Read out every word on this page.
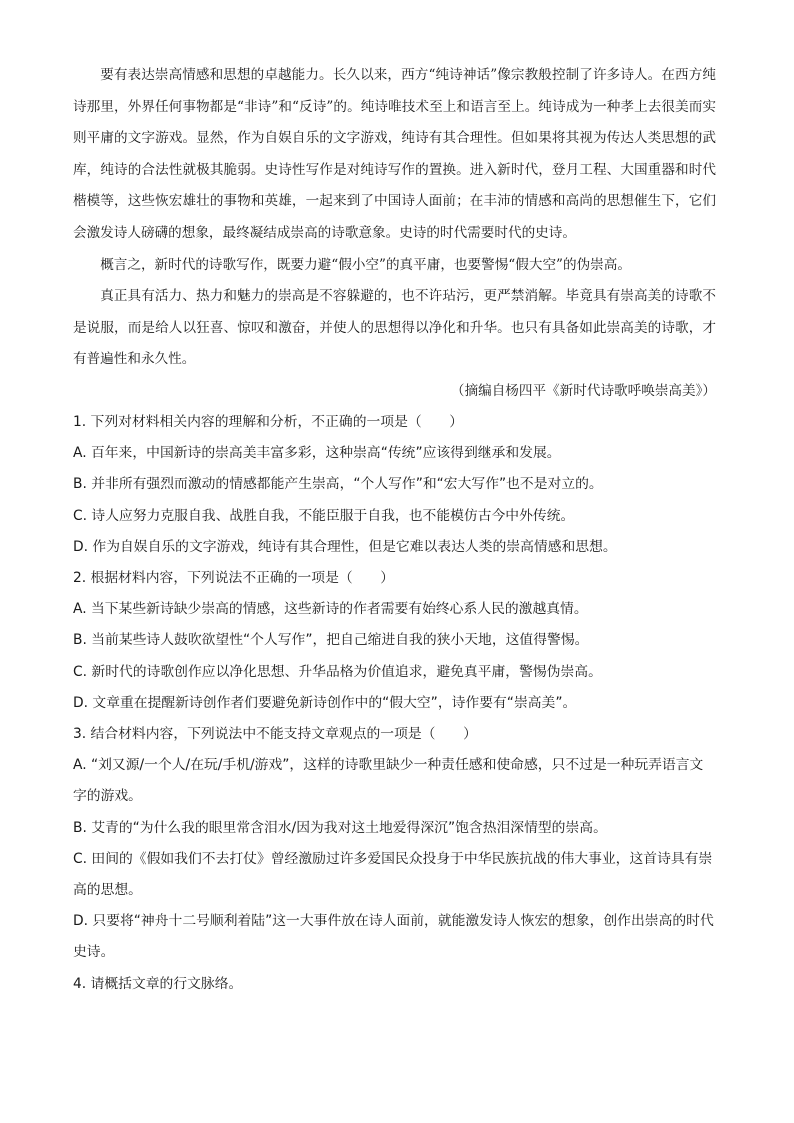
要有表达崇高情感和思想的卓越能力。长久以来，西方“纯诗神话”像宗教般控制了许多诗人。在西方纯诗那里，外界任何事物都是“非诗”和“反诗”的。纯诗唯技术至上和语言至上。纯诗成为一种孝上去很美而实则平庸的文字游戏。显然，作为自娱自乐的文字游戏，纯诗有其合理性。但如果将其视为传达人类思想的武库，纯诗的合法性就极其脆弱。史诗性写作是对纯诗写作的置换。进入新时代，登月工程、大国重器和时代楷模等，这些恢宏雄壮的事物和英雄，一起来到了中国诗人面前；在丰沛的情感和高尚的思想催生下，它们会激发诗人磅礴的想象，最终凝结成崇高的诗歌意象。史诗的时代需要时代的史诗。

概言之，新时代的诗歌写作，既要力避“假小空”的真平庸，也要警惕“假大空”的伪崇高。

真正具有活力、热力和魅力的崇高是不容躲避的，也不许玷污，更严禁消解。毕竟具有崇高美的诗歌不是说服，而是给人以狂喜、惊叹和激奋，并使人的思想得以净化和升华。也只有具备如此崇高美的诗歌，才有普遍性和永久性。

（摘编自杨四平《新时代诗歌呼唤崇高美》）

1. 下列对材料相关内容的理解和分析，不正确的一项是（　　）

A. 百年来，中国新诗的崇高美丰富多彩，这种崇高“传统”应该得到继承和发展。

B. 并非所有强烈而激动的情感都能产生崇高，“个人写作”和“宏大写作”也不是对立的。

C. 诗人应努力克服自我、战胜自我，不能臣服于自我，也不能模仿古今中外传统。

D. 作为自娱自乐的文字游戏，纯诗有其合理性，但是它难以表达人类的崇高情感和思想。

2. 根据材料内容，下列说法不正确的一项是（　　）

A. 当下某些新诗缺少崇高的情感，这些新诗的作者需要有始终心系人民的激越真情。

B. 当前某些诗人鼓吹欲望性“个人写作”，把自己缩进自我的狭小天地，这值得警惕。

C. 新时代的诗歌创作应以净化思想、升华品格为价值追求，避免真平庸，警惕伪崇高。

D. 文章重在提醒新诗创作者们要避免新诗创作中的“假大空”，诗作要有“崇高美”。

3. 结合材料内容，下列说法中不能支持文章观点的一项是（　　）

A. “刘又源/一个人/在玩/手机/游戏”，这样的诗歌里缺少一种责任感和使命感，只不过是一种玩弄语言文字的游戏。

B. 艾青的“为什么我的眼里常含泪水/因为我对这土地爱得深沉”饱含热泪深情型的崇高。

C. 田间的《假如我们不去打仗》曾经激励过许多爱国民众投身于中华民族抗战的伟大事业，这首诗具有崇高的思想。

D. 只要将“神舟十二号顺利着陆”这一大事件放在诗人面前，就能激发诗人恢宏的想象，创作出崇高的时代史诗。

4. 请概括文章的行文脉络。
